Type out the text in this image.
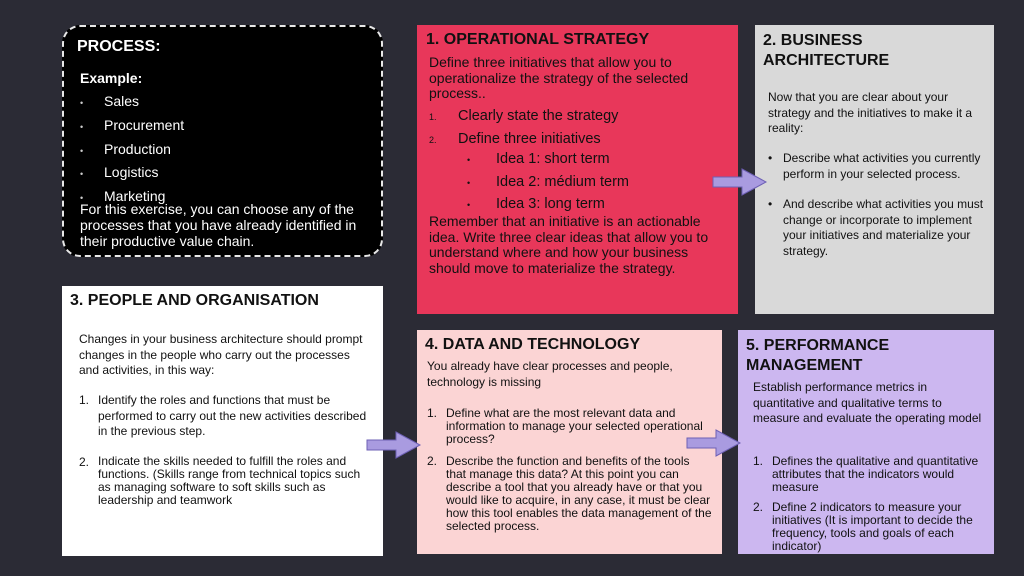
PROCESS:
Example:
• Sales
• Procurement
• Production
• Logistics
• Marketing
For this exercise, you can choose any of the processes that you have already identified in their productive value chain.
1. OPERATIONAL STRATEGY
Define three initiatives that allow you to operationalize the strategy of the selected process..
1. Clearly state the strategy
2. Define three initiatives
• Idea 1: short term
• Idea 2: médium term
• Idea 3: long term
Remember that an initiative is an actionable idea. Write three clear ideas that allow you to understand where and how your business should move to materialize the strategy.
2. BUSINESS ARCHITECTURE
Now that you are clear about your strategy and the initiatives to make it a reality:
• Describe what activities you currently perform in your selected process.
• And describe what activities you must change or incorporate to implement your initiatives and materialize your strategy.
3. PEOPLE AND ORGANISATION
Changes in your business architecture should prompt changes in the people who carry out the processes and activities, in this way:
1. Identify the roles and functions that must be performed to carry out the new activities described in the previous step.
2. Indicate the skills needed to fulfill the roles and functions. (Skills range from technical topics such as managing software to soft skills such as leadership and teamwork
4. DATA AND TECHNOLOGY
You already have clear processes and people, technology is missing
1. Define what are the most relevant data and information to manage your selected operational process?
2. Describe the function and benefits of the tools that manage this data? At this point you can describe a tool that you already have or that you would like to acquire, in any case, it must be clear how this tool enables the data management of the selected process.
5. PERFORMANCE MANAGEMENT
Establish performance metrics in quantitative and qualitative terms to measure and evaluate the operating model
1. Defines the qualitative and quantitative attributes that the indicators would measure
2. Define 2 indicators to measure your initiatives (It is important to decide the frequency, tools and goals of each indicator)
